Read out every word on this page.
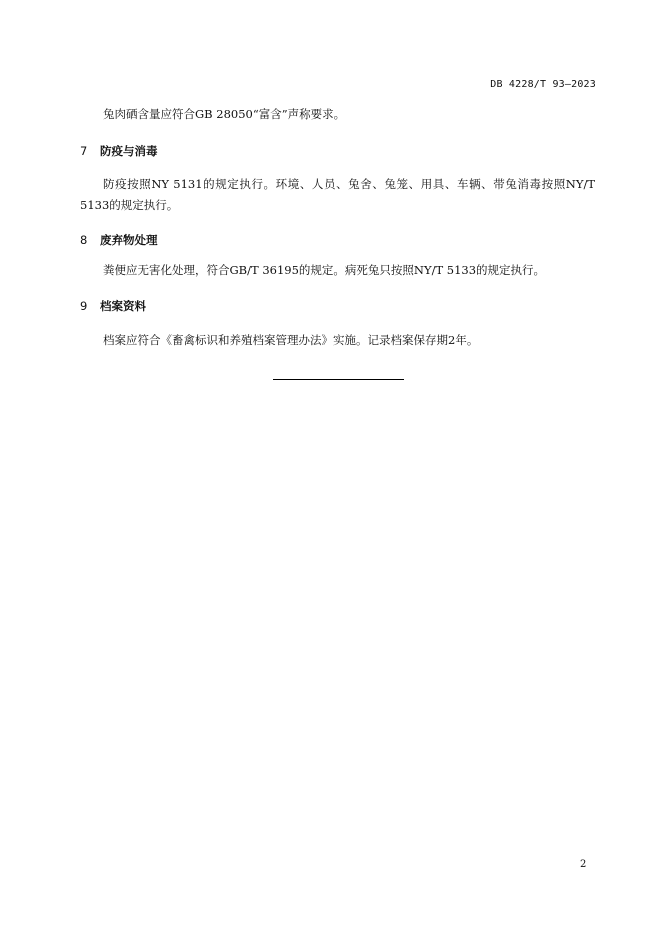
DB 4228/T 93—2023

兔肉硒含量应符合GB 28050“富含”声称要求。

7 防疫与消毒

防疫按照NY 5131的规定执行。环境、人员、兔舍、兔笼、用具、车辆、带兔消毒按照NY/T 5133的规定执行。

8 废弃物处理

粪便应无害化处理，符合GB/T 36195的规定。病死兔只按照NY/T 5133的规定执行。

9 档案资料

档案应符合《畜禽标识和养殖档案管理办法》实施。记录档案保存期2年。

2
